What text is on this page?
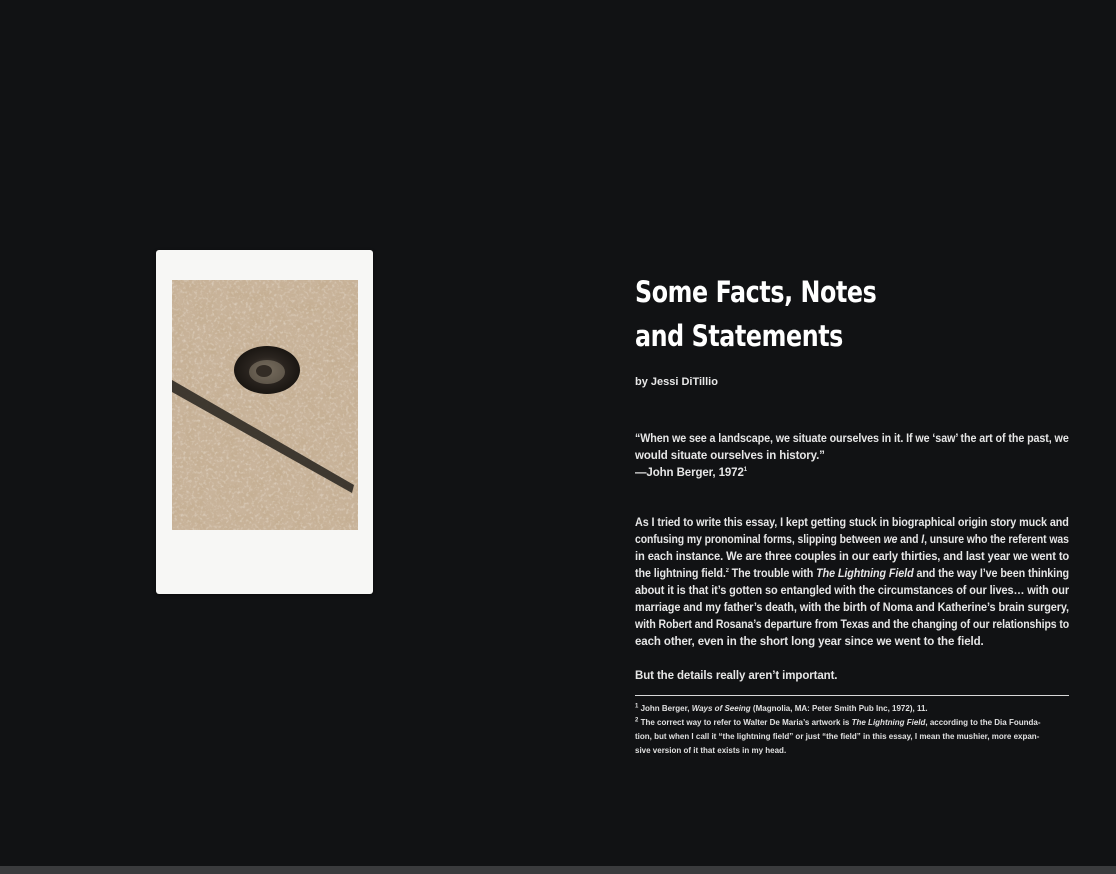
Some Facts, Notes
and Statements
by Jessi DiTillio
“When we see a landscape, we situate ourselves in it. If we ‘saw’ the art of the past, we
would situate ourselves in history.”
—John Berger, 1972$^1$
As I tried to write this essay, I kept getting stuck in biographical origin story muck and
confusing my pronominal forms, slipping between we and I, unsure who the referent was
in each instance. We are three couples in our early thirties, and last year we went to
the lightning field.$^2$ The trouble with The Lightning Field and the way I’ve been thinking
about it is that it’s gotten so entangled with the circumstances of our lives… with our
marriage and my father’s death, with the birth of Noma and Katherine’s brain surgery,
with Robert and Rosana’s departure from Texas and the changing of our relationships to
each other, even in the short long year since we went to the field.
But the details really aren’t important.
$^1$ John Berger, Ways of Seeing (Magnolia, MA: Peter Smith Pub Inc, 1972), 11.
$^2$ The correct way to refer to Walter De Maria’s artwork is The Lightning Field, according to the Dia Founda-
tion, but when I call it “the lightning field” or just “the field” in this essay, I mean the mushier, more expan-
sive version of it that exists in my head.
